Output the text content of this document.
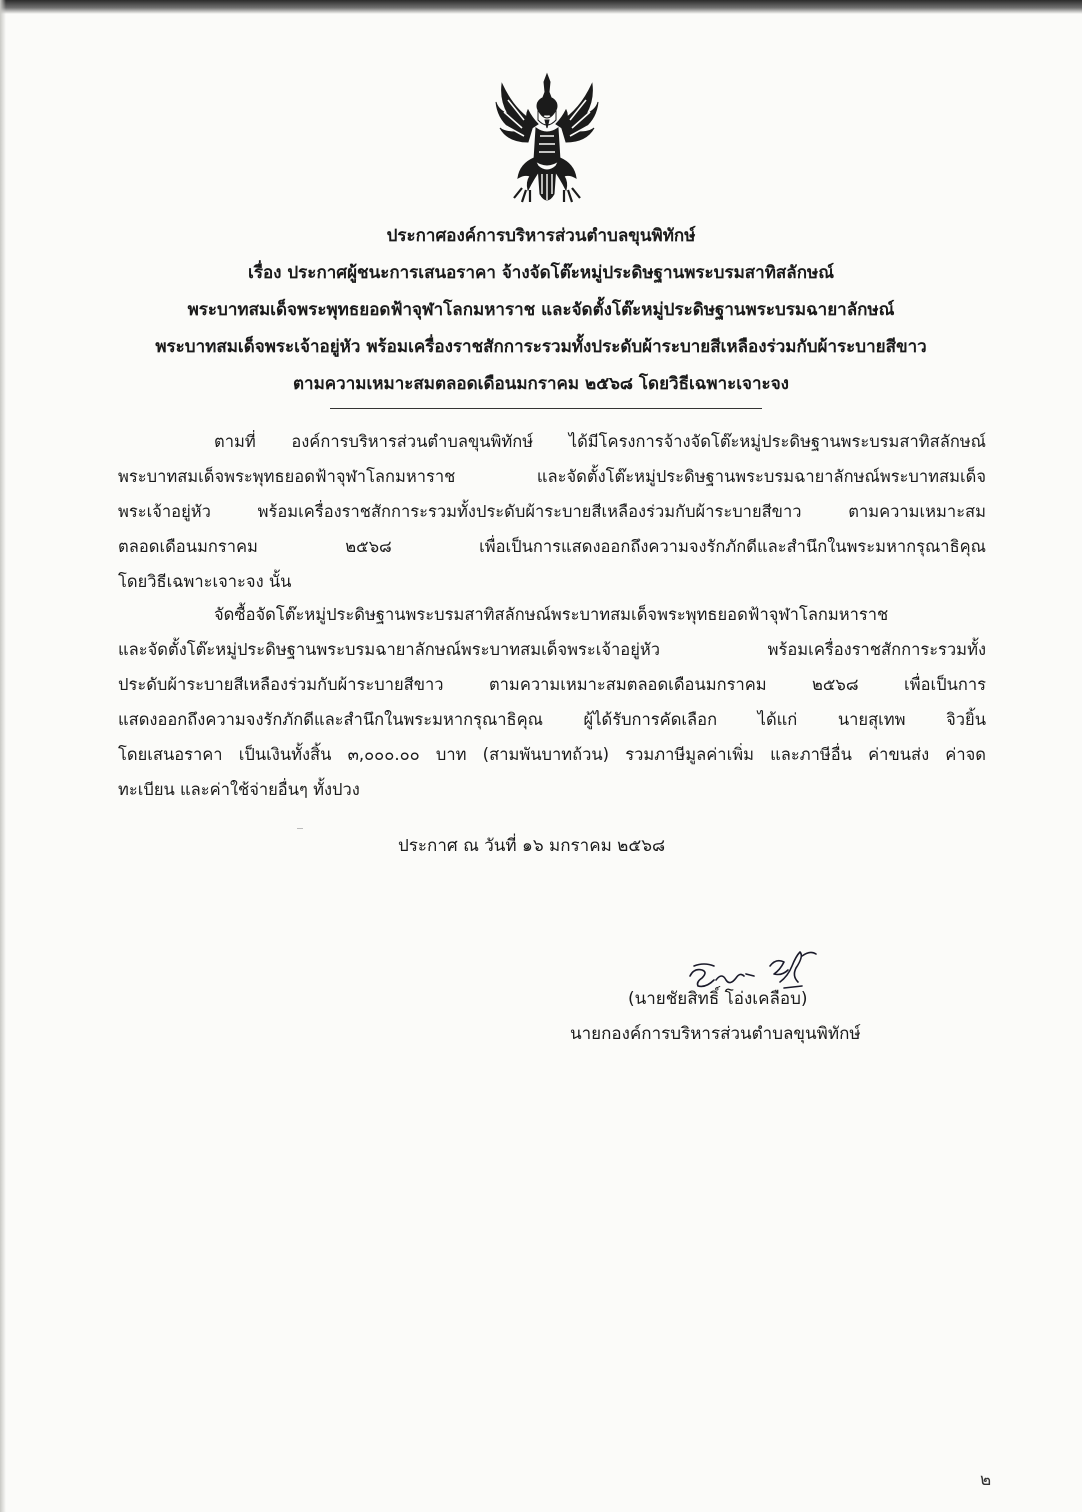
ประกาศองค์การบริหารส่วนตำบลขุนพิทักษ์
เรื่อง ประกาศผู้ชนะการเสนอราคา จ้างจัดโต๊ะหมู่ประดิษฐานพระบรมสาทิสลักษณ์
พระบาทสมเด็จพระพุทธยอดฟ้าจุฬาโลกมหาราช และจัดตั้งโต๊ะหมู่ประดิษฐานพระบรมฉายาลักษณ์
พระบาทสมเด็จพระเจ้าอยู่หัว พร้อมเครื่องราชสักการะรวมทั้งประดับผ้าระบายสีเหลืองร่วมกับผ้าระบายสีขาว
ตามความเหมาะสมตลอดเดือนมกราคม ๒๕๖๘ โดยวิธีเฉพาะเจาะจง
ตามที่ องค์การบริหารส่วนตำบลขุนพิทักษ์ ได้มีโครงการจ้างจัดโต๊ะหมู่ประดิษฐานพระบรมสาทิสลักษณ์
พระบาทสมเด็จพระพุทธยอดฟ้าจุฬาโลกมหาราช และจัดตั้งโต๊ะหมู่ประดิษฐานพระบรมฉายาลักษณ์พระบาทสมเด็จ
พระเจ้าอยู่หัว พร้อมเครื่องราชสักการะรวมทั้งประดับผ้าระบายสีเหลืองร่วมกับผ้าระบายสีขาว ตามความเหมาะสม
ตลอดเดือนมกราคม ๒๕๖๘ เพื่อเป็นการแสดงออกถึงความจงรักภักดีและสำนึกในพระมหากรุณาธิคุณ
โดยวิธีเฉพาะเจาะจง นั้น
จัดซื้อจัดโต๊ะหมู่ประดิษฐานพระบรมสาทิสลักษณ์พระบาทสมเด็จพระพุทธยอดฟ้าจุฬาโลกมหาราช
และจัดตั้งโต๊ะหมู่ประดิษฐานพระบรมฉายาลักษณ์พระบาทสมเด็จพระเจ้าอยู่หัว พร้อมเครื่องราชสักการะรวมทั้ง
ประดับผ้าระบายสีเหลืองร่วมกับผ้าระบายสีขาว ตามความเหมาะสมตลอดเดือนมกราคม ๒๕๖๘ เพื่อเป็นการ
แสดงออกถึงความจงรักภักดีและสำนึกในพระมหากรุณาธิคุณ ผู้ได้รับการคัดเลือก ได้แก่ นายสุเทพ จิวยิ้น
โดยเสนอราคา เป็นเงินทั้งสิ้น ๓,๐๐๐.๐๐ บาท (สามพันบาทถ้วน) รวมภาษีมูลค่าเพิ่ม และภาษีอื่น ค่าขนส่ง ค่าจด
ทะเบียน และค่าใช้จ่ายอื่นๆ ทั้งปวง
ประกาศ ณ วันที่ ๑๖ มกราคม ๒๕๖๘
(นายชัยสิทธิ์ โอ่งเคลือบ)
นายกองค์การบริหารส่วนตำบลขุนพิทักษ์
๒
